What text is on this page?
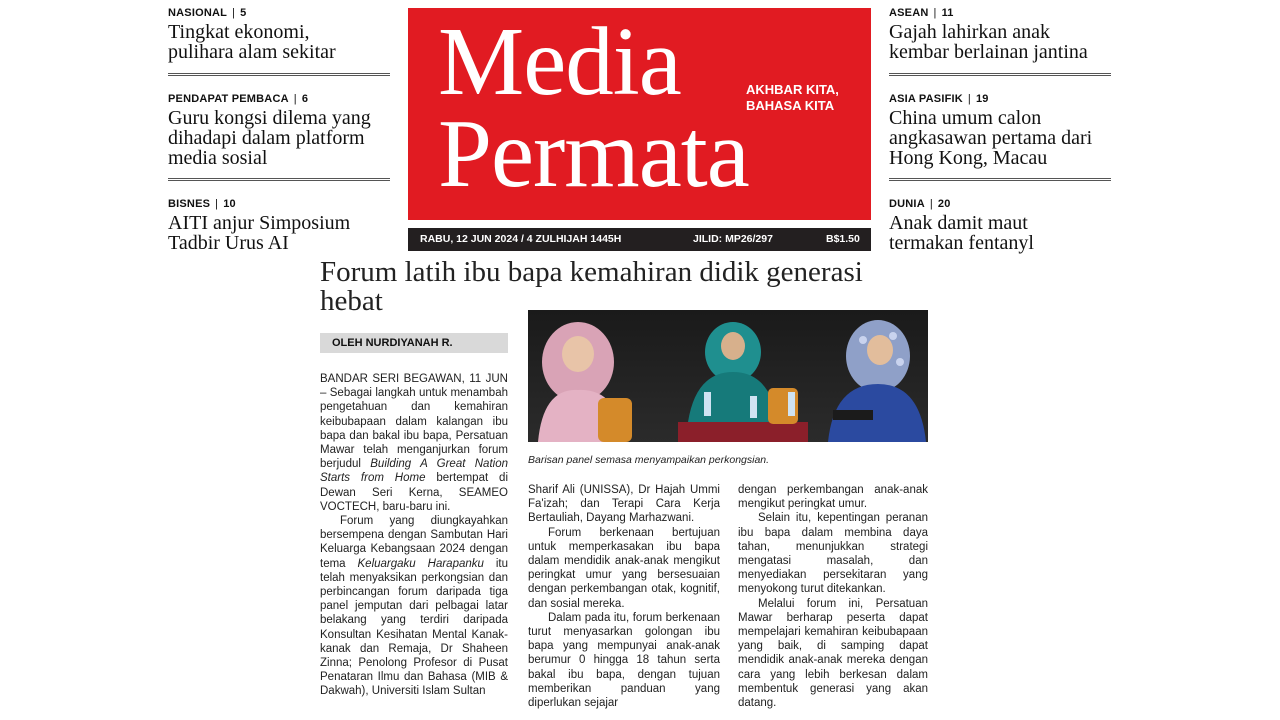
NASIONAL | 5
Tingkat ekonomi,
pulihara alam sekitar
PENDAPAT PEMBACA | 6
Guru kongsi dilema yang
dihadapi dalam platform
media sosial
BISNES | 10
AITI anjur Simposium
Tadbir Urus AI
ASEAN | 11
Gajah lahirkan anak
kembar berlainan jantina
ASIA PASIFIK | 19
China umum calon
angkasawan pertama dari
Hong Kong, Macau
DUNIA | 20
Anak damit maut
termakan fentanyl
Media
Permata
AKHBAR KITA,
BAHASA KITA
RABU, 12 JUN 2024 / 4 ZULHIJAH 1445H	JILID: MP26/297	B$1.50
Forum latih ibu bapa kemahiran didik generasi
hebat
OLEH NURDIYANAH R.
Barisan panel semasa menyampaikan perkongsian.

BANDAR SERI BEGAWAN, 11 JUN – Sebagai langkah untuk menambah pengetahuan dan kemahiran keibubapaan dalam kalangan ibu bapa dan bakal ibu bapa, Persatuan Mawar telah menganjurkan forum berjudul Building A Great Nation Starts from Home bertempat di Dewan Seri Kerna, SEAMEO VOCTECH, baru-baru ini.

Forum yang diungkayahkan bersempena dengan Sambutan Hari Keluarga Kebangsaan 2024 dengan tema Keluargaku Harapanku itu telah menyaksikan perkongsian dan perbincangan forum daripada tiga panel jemputan dari pelbagai latar belakang yang terdiri daripada Konsultan Kesihatan Mental Kanak-kanak dan Remaja, Dr Shaheen Zinna; Penolong Profesor di Pusat Penataran Ilmu dan Bahasa (MIB & Dakwah), Universiti Islam Sultan

Sharif Ali (UNISSA), Dr Hajah Ummi Fa'izah; dan Terapi Cara Kerja Bertauliah, Dayang Marhazwani.

Forum berkenaan bertujuan untuk memperkasakan ibu bapa dalam mendidik anak-anak mengikut peringkat umur yang bersesuaian dengan perkembangan otak, kognitif, dan sosial mereka.

Dalam pada itu, forum berkenaan turut menyasarkan golongan ibu bapa yang mempunyai anak-anak berumur 0 hingga 18 tahun serta bakal ibu bapa, dengan tujuan memberikan panduan yang diperlukan sejajar

dengan perkembangan anak-anak mengikut peringkat umur.

Selain itu, kepentingan peranan ibu bapa dalam membina daya tahan, menunjukkan strategi mengatasi masalah, dan menyediakan persekitaran yang menyokong turut ditekankan.

Melalui forum ini, Persatuan Mawar berharap peserta dapat mempelajari kemahiran keibubapaan yang baik, di samping dapat mendidik anak-anak mereka dengan cara yang lebih berkesan dalam membentuk generasi yang akan datang.
